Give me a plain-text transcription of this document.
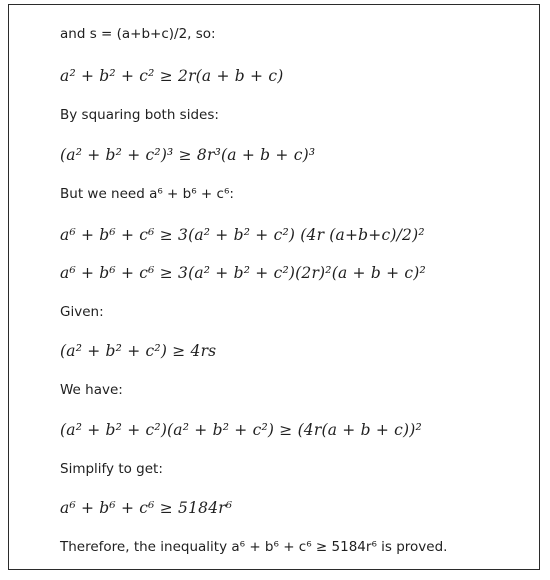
and s = (a+b+c)/2, so:
a² + b² + c² ≥ 2r(a + b + c)
By squaring both sides:
(a² + b² + c²)³ ≥ 8r³(a + b + c)³
But we need a⁶ + b⁶ + c⁶:
a⁶ + b⁶ + c⁶ ≥ 3(a² + b² + c²) (4r (a+b+c)/2)²
a⁶ + b⁶ + c⁶ ≥ 3(a² + b² + c²)(2r)²(a + b + c)²
Given:
(a² + b² + c²) ≥ 4rs
We have:
(a² + b² + c²)(a² + b² + c²) ≥ (4r(a + b + c))²
Simplify to get:
a⁶ + b⁶ + c⁶ ≥ 5184r⁶
Therefore, the inequality a⁶ + b⁶ + c⁶ ≥ 5184r⁶ is proved.
